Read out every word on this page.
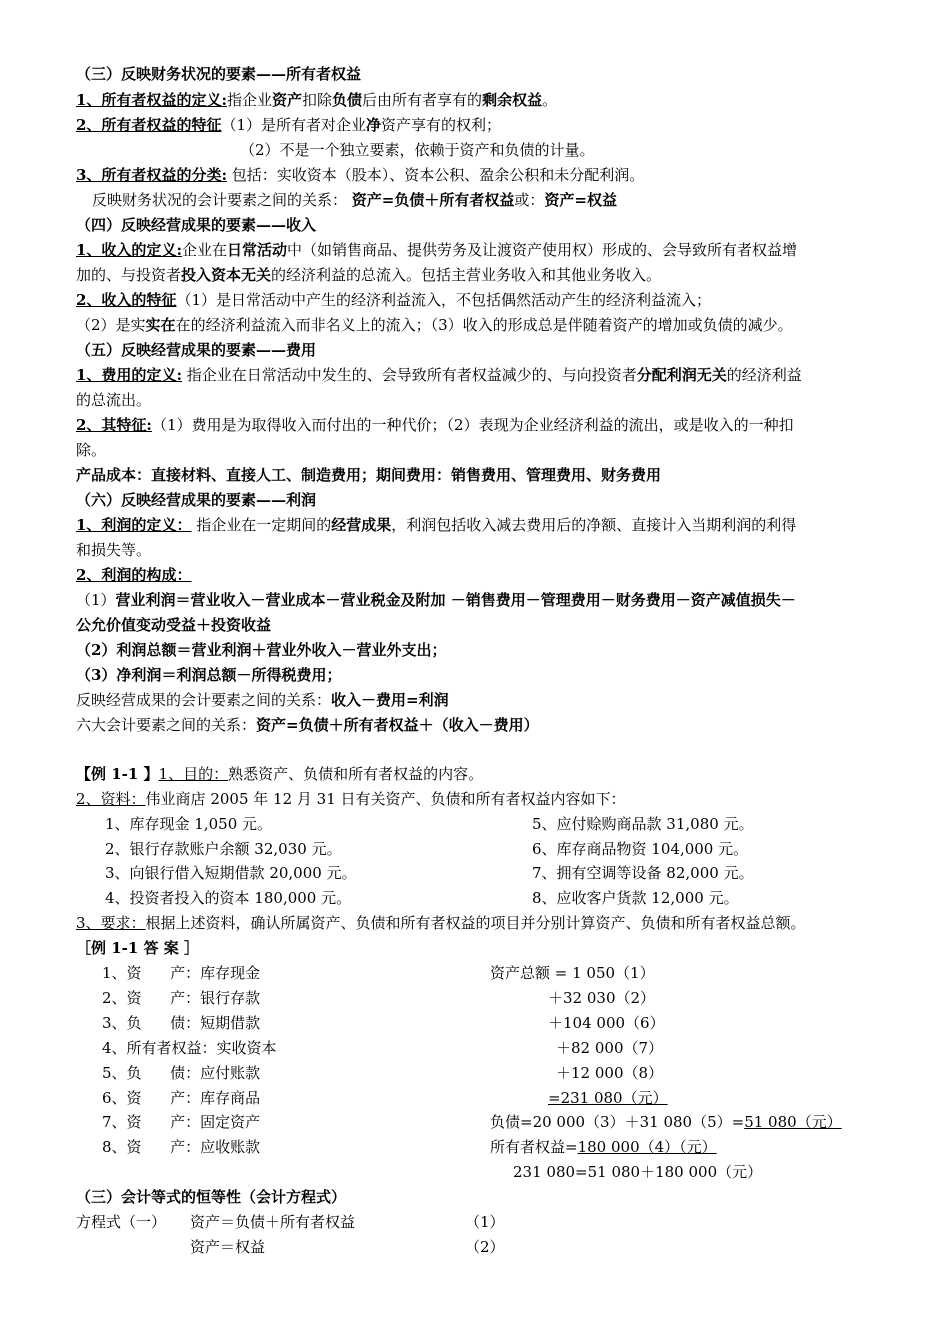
（三）反映财务状况的要素——所有者权益
1、所有者权益的定义:指企业资产扣除负债后由所有者享有的剩余权益。
2、所有者权益的特征（1）是所有者对企业净资产享有的权利；
（2）不是一个独立要素，依赖于资产和负债的计量。
3、所有者权益的分类: 包括：实收资本（股本）、资本公积、盈余公积和未分配利润。
反映财务状况的会计要素之间的关系： 资产=负债＋所有者权益或：资产=权益
（四）反映经营成果的要素——收入
1、收入的定义:企业在日常活动中（如销售商品、提供劳务及让渡资产使用权）形成的、会导致所有者权益增
加的、与投资者投入资本无关的经济利益的总流入。包括主营业务收入和其他业务收入。
2、收入的特征（1）是日常活动中产生的经济利益流入，不包括偶然活动产生的经济利益流入；
（2）是实实在在的经济利益流入而非名义上的流入；（3）收入的形成总是伴随着资产的增加或负债的减少。
（五）反映经营成果的要素——费用
1、费用的定义: 指企业在日常活动中发生的、会导致所有者权益减少的、与向投资者分配利润无关的经济利益
的总流出。
2、其特征:（1）费用是为取得收入而付出的一种代价；（2）表现为企业经济利益的流出，或是收入的一种扣
除。
产品成本：直接材料、直接人工、制造费用；期间费用：销售费用、管理费用、财务费用
（六）反映经营成果的要素——利润
1、利润的定义： 指企业在一定期间的经营成果，利润包括收入减去费用后的净额、直接计入当期利润的利得
和损失等。
2、利润的构成：
（1）营业利润＝营业收入－营业成本－营业税金及附加 －销售费用－管理费用－财务费用－资产减值损失－
公允价值变动受益＋投资收益
（2）利润总额＝营业利润＋营业外收入－营业外支出；
（3）净利润＝利润总额－所得税费用；
反映经营成果的会计要素之间的关系：收入－费用=利润
六大会计要素之间的关系：资产=负债＋所有者权益＋（收入－费用）
【例 1-1 】1、目的：熟悉资产、负债和所有者权益的内容。
2、资料：伟业商店 2005 年 12 月 31 日有关资产、负债和所有者权益内容如下：
1、库存现金 1,050 元。
2、银行存款账户余额 32,030 元。
3、向银行借入短期借款 20,000 元。
4、投资者投入的资本 180,000 元。
5、应付赊购商品款 31,080 元。
6、库存商品物资 104,000 元。
7、拥有空调等设备 82,000 元。
8、应收客户货款 12,000 元。
3、要求：根据上述资料，确认所属资产、负债和所有者权益的项目并分别计算资产、负债和所有者权益总额。
［例 1-1 答 案 ］
1、资      产：库存现金
2、资      产：银行存款
3、负      债：短期借款
4、所有者权益：实收资本
5、负      债：应付账款
6、资      产：库存商品
7、资      产：固定资产
8、资      产：应收账款
资产总额 = 1 050（1）
＋32 030（2）
＋104 000（6）
＋82 000（7）
＋12 000（8）
=231 080（元）
负债=20 000（3）＋31 080（5）=51 080（元）
所有者权益=180 000（4）（元）
231 080=51 080＋180 000（元）
（三）会计等式的恒等性（会计方程式）
方程式（一） 资产＝负债＋所有者权益	（1）
资产＝权益	（2）
